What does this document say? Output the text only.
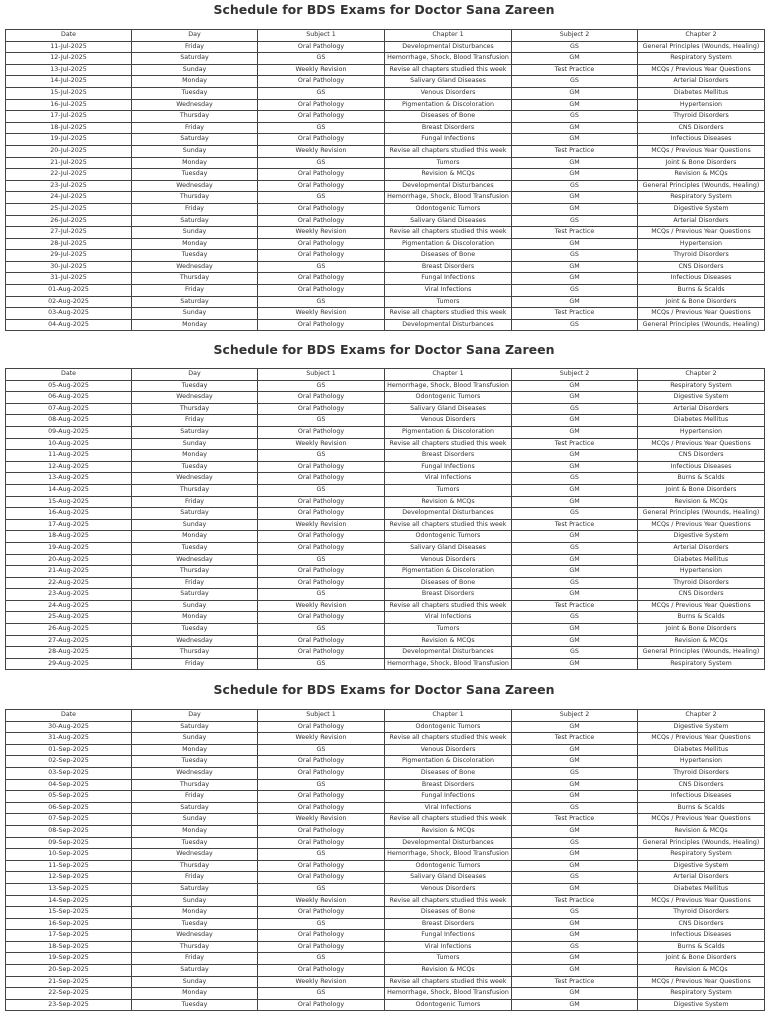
Schedule for BDS Exams for Doctor Sana Zareen
Date	Day	Subject 1	Chapter 1	Subject 2	Chapter 2
11-Jul-2025	Friday	Oral Pathology	Developmental Disturbances	GS	General Principles (Wounds, Healing)
12-Jul-2025	Saturday	GS	Hemorrhage, Shock, Blood Transfusion	GM	Respiratory System
13-Jul-2025	Sunday	Weekly Revision	Revise all chapters studied this week	Test Practice	MCQs / Previous Year Questions
14-Jul-2025	Monday	Oral Pathology	Salivary Gland Diseases	GS	Arterial Disorders
15-Jul-2025	Tuesday	GS	Venous Disorders	GM	Diabetes Mellitus
16-Jul-2025	Wednesday	Oral Pathology	Pigmentation & Discoloration	GM	Hypertension
17-Jul-2025	Thursday	Oral Pathology	Diseases of Bone	GS	Thyroid Disorders
18-Jul-2025	Friday	GS	Breast Disorders	GM	CNS Disorders
19-Jul-2025	Saturday	Oral Pathology	Fungal Infections	GM	Infectious Diseases
20-Jul-2025	Sunday	Weekly Revision	Revise all chapters studied this week	Test Practice	MCQs / Previous Year Questions
21-Jul-2025	Monday	GS	Tumors	GM	Joint & Bone Disorders
22-Jul-2025	Tuesday	Oral Pathology	Revision & MCQs	GM	Revision & MCQs
23-Jul-2025	Wednesday	Oral Pathology	Developmental Disturbances	GS	General Principles (Wounds, Healing)
24-Jul-2025	Thursday	GS	Hemorrhage, Shock, Blood Transfusion	GM	Respiratory System
25-Jul-2025	Friday	Oral Pathology	Odontogenic Tumors	GM	Digestive System
26-Jul-2025	Saturday	Oral Pathology	Salivary Gland Diseases	GS	Arterial Disorders
27-Jul-2025	Sunday	Weekly Revision	Revise all chapters studied this week	Test Practice	MCQs / Previous Year Questions
28-Jul-2025	Monday	Oral Pathology	Pigmentation & Discoloration	GM	Hypertension
29-Jul-2025	Tuesday	Oral Pathology	Diseases of Bone	GS	Thyroid Disorders
30-Jul-2025	Wednesday	GS	Breast Disorders	GM	CNS Disorders
31-Jul-2025	Thursday	Oral Pathology	Fungal Infections	GM	Infectious Diseases
01-Aug-2025	Friday	Oral Pathology	Viral Infections	GS	Burns & Scalds
02-Aug-2025	Saturday	GS	Tumors	GM	Joint & Bone Disorders
03-Aug-2025	Sunday	Weekly Revision	Revise all chapters studied this week	Test Practice	MCQs / Previous Year Questions
04-Aug-2025	Monday	Oral Pathology	Developmental Disturbances	GS	General Principles (Wounds, Healing)
Schedule for BDS Exams for Doctor Sana Zareen
Date	Day	Subject 1	Chapter 1	Subject 2	Chapter 2
05-Aug-2025	Tuesday	GS	Hemorrhage, Shock, Blood Transfusion	GM	Respiratory System
06-Aug-2025	Wednesday	Oral Pathology	Odontogenic Tumors	GM	Digestive System
07-Aug-2025	Thursday	Oral Pathology	Salivary Gland Diseases	GS	Arterial Disorders
08-Aug-2025	Friday	GS	Venous Disorders	GM	Diabetes Mellitus
09-Aug-2025	Saturday	Oral Pathology	Pigmentation & Discoloration	GM	Hypertension
10-Aug-2025	Sunday	Weekly Revision	Revise all chapters studied this week	Test Practice	MCQs / Previous Year Questions
11-Aug-2025	Monday	GS	Breast Disorders	GM	CNS Disorders
12-Aug-2025	Tuesday	Oral Pathology	Fungal Infections	GM	Infectious Diseases
13-Aug-2025	Wednesday	Oral Pathology	Viral Infections	GS	Burns & Scalds
14-Aug-2025	Thursday	GS	Tumors	GM	Joint & Bone Disorders
15-Aug-2025	Friday	Oral Pathology	Revision & MCQs	GM	Revision & MCQs
16-Aug-2025	Saturday	Oral Pathology	Developmental Disturbances	GS	General Principles (Wounds, Healing)
17-Aug-2025	Sunday	Weekly Revision	Revise all chapters studied this week	Test Practice	MCQs / Previous Year Questions
18-Aug-2025	Monday	Oral Pathology	Odontogenic Tumors	GM	Digestive System
19-Aug-2025	Tuesday	Oral Pathology	Salivary Gland Diseases	GS	Arterial Disorders
20-Aug-2025	Wednesday	GS	Venous Disorders	GM	Diabetes Mellitus
21-Aug-2025	Thursday	Oral Pathology	Pigmentation & Discoloration	GM	Hypertension
22-Aug-2025	Friday	Oral Pathology	Diseases of Bone	GS	Thyroid Disorders
23-Aug-2025	Saturday	GS	Breast Disorders	GM	CNS Disorders
24-Aug-2025	Sunday	Weekly Revision	Revise all chapters studied this week	Test Practice	MCQs / Previous Year Questions
25-Aug-2025	Monday	Oral Pathology	Viral Infections	GS	Burns & Scalds
26-Aug-2025	Tuesday	GS	Tumors	GM	Joint & Bone Disorders
27-Aug-2025	Wednesday	Oral Pathology	Revision & MCQs	GM	Revision & MCQs
28-Aug-2025	Thursday	Oral Pathology	Developmental Disturbances	GS	General Principles (Wounds, Healing)
29-Aug-2025	Friday	GS	Hemorrhage, Shock, Blood Transfusion	GM	Respiratory System
Schedule for BDS Exams for Doctor Sana Zareen
Date	Day	Subject 1	Chapter 1	Subject 2	Chapter 2
30-Aug-2025	Saturday	Oral Pathology	Odontogenic Tumors	GM	Digestive System
31-Aug-2025	Sunday	Weekly Revision	Revise all chapters studied this week	Test Practice	MCQs / Previous Year Questions
01-Sep-2025	Monday	GS	Venous Disorders	GM	Diabetes Mellitus
02-Sep-2025	Tuesday	Oral Pathology	Pigmentation & Discoloration	GM	Hypertension
03-Sep-2025	Wednesday	Oral Pathology	Diseases of Bone	GS	Thyroid Disorders
04-Sep-2025	Thursday	GS	Breast Disorders	GM	CNS Disorders
05-Sep-2025	Friday	Oral Pathology	Fungal Infections	GM	Infectious Diseases
06-Sep-2025	Saturday	Oral Pathology	Viral Infections	GS	Burns & Scalds
07-Sep-2025	Sunday	Weekly Revision	Revise all chapters studied this week	Test Practice	MCQs / Previous Year Questions
08-Sep-2025	Monday	Oral Pathology	Revision & MCQs	GM	Revision & MCQs
09-Sep-2025	Tuesday	Oral Pathology	Developmental Disturbances	GS	General Principles (Wounds, Healing)
10-Sep-2025	Wednesday	GS	Hemorrhage, Shock, Blood Transfusion	GM	Respiratory System
11-Sep-2025	Thursday	Oral Pathology	Odontogenic Tumors	GM	Digestive System
12-Sep-2025	Friday	Oral Pathology	Salivary Gland Diseases	GS	Arterial Disorders
13-Sep-2025	Saturday	GS	Venous Disorders	GM	Diabetes Mellitus
14-Sep-2025	Sunday	Weekly Revision	Revise all chapters studied this week	Test Practice	MCQs / Previous Year Questions
15-Sep-2025	Monday	Oral Pathology	Diseases of Bone	GS	Thyroid Disorders
16-Sep-2025	Tuesday	GS	Breast Disorders	GM	CNS Disorders
17-Sep-2025	Wednesday	Oral Pathology	Fungal Infections	GM	Infectious Diseases
18-Sep-2025	Thursday	Oral Pathology	Viral Infections	GS	Burns & Scalds
19-Sep-2025	Friday	GS	Tumors	GM	Joint & Bone Disorders
20-Sep-2025	Saturday	Oral Pathology	Revision & MCQs	GM	Revision & MCQs
21-Sep-2025	Sunday	Weekly Revision	Revise all chapters studied this week	Test Practice	MCQs / Previous Year Questions
22-Sep-2025	Monday	GS	Hemorrhage, Shock, Blood Transfusion	GM	Respiratory System
23-Sep-2025	Tuesday	Oral Pathology	Odontogenic Tumors	GM	Digestive System
